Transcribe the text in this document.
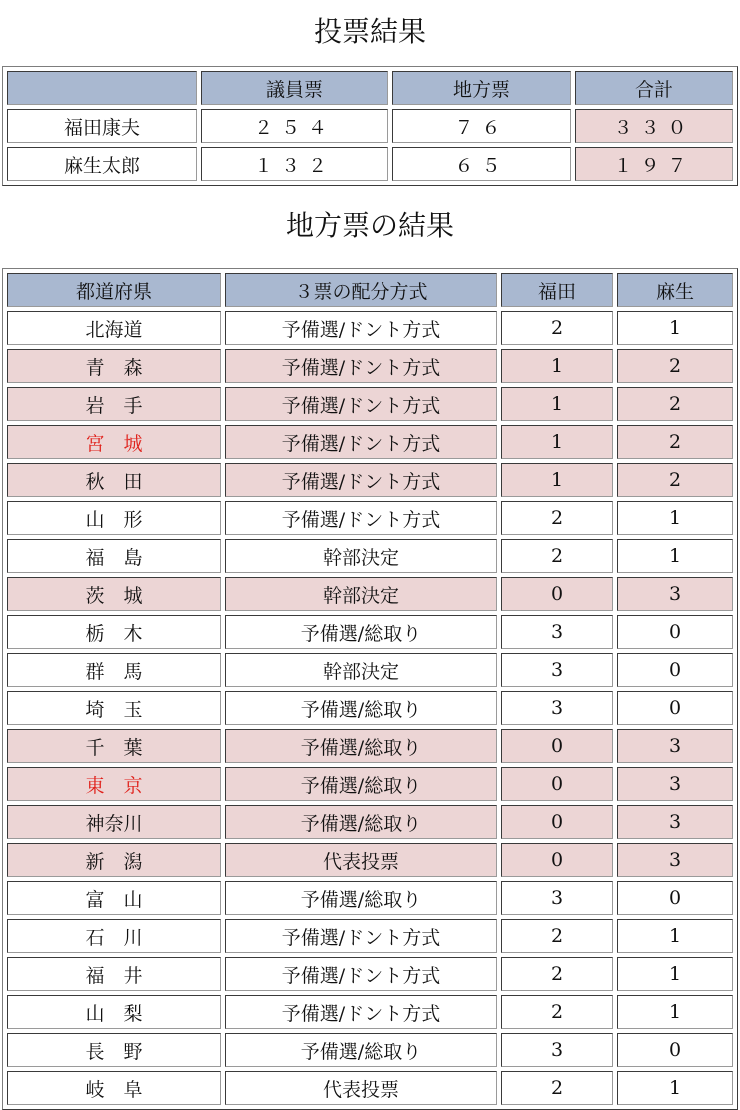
投票結果
	議員票	地方票	合計
福田康夫	２５４	７６	３３０
麻生太郎	１３２	６５	１９７
地方票の結果
都道府県	３票の配分方式	福田	麻生
北海道	予備選/ドント方式	2	1
青　森	予備選/ドント方式	1	2
岩　手	予備選/ドント方式	1	2
宮　城	予備選/ドント方式	1	2
秋　田	予備選/ドント方式	1	2
山　形	予備選/ドント方式	2	1
福　島	幹部決定	2	1
茨　城	幹部決定	0	3
栃　木	予備選/総取り	3	0
群　馬	幹部決定	3	0
埼　玉	予備選/総取り	3	0
千　葉	予備選/総取り	0	3
東　京	予備選/総取り	0	3
神奈川	予備選/総取り	0	3
新　潟	代表投票	0	3
富　山	予備選/総取り	3	0
石　川	予備選/ドント方式	2	1
福　井	予備選/ドント方式	2	1
山　梨	予備選/ドント方式	2	1
長　野	予備選/総取り	3	0
岐　阜	代表投票	2	1
